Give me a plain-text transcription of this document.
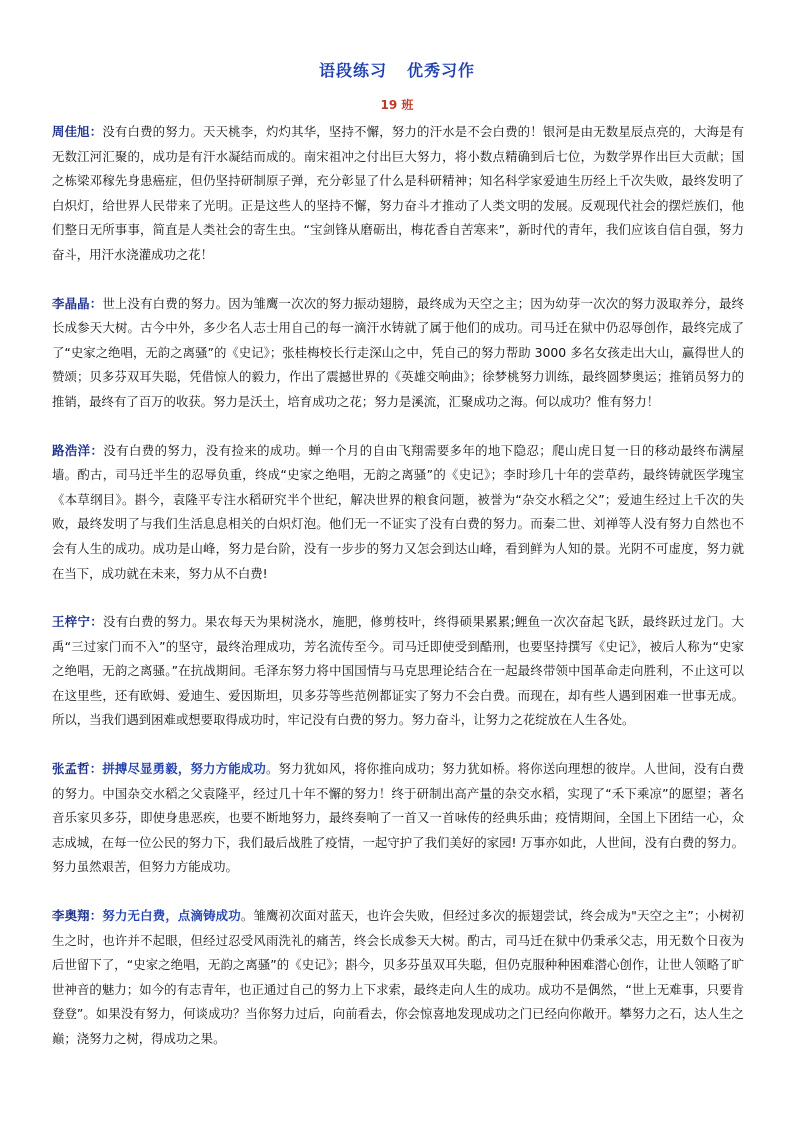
语段练习 优秀习作
19 班

周佳旭：没有白费的努力。天天桃李，灼灼其华，坚持不懈，努力的汗水是不会白费的！银河是由无数星辰点亮的，大海是有无数江河汇聚的，成功是有汗水凝结而成的。南宋祖冲之付出巨大努力，将小数点精确到后七位，为数学界作出巨大贡献；国之栋梁邓稼先身患癌症，但仍坚持研制原子弹，充分彰显了什么是科研精神；知名科学家爱迪生历经上千次失败，最终发明了白炽灯，给世界人民带来了光明。正是这些人的坚持不懈，努力奋斗才推动了人类文明的发展。反观现代社会的摆烂族们，他们整日无所事事，简直是人类社会的寄生虫。“宝剑锋从磨砺出，梅花香自苦寒来”，新时代的青年，我们应该自信自强，努力奋斗，用汗水浇灌成功之花！

李晶晶：世上没有白费的努力。因为雏鹰一次次的努力振动翅膀，最终成为天空之主；因为幼芽一次次的努力汲取养分，最终长成参天大树。古今中外，多少名人志士用自己的每一滴汗水铸就了属于他们的成功。司马迁在狱中仍忍辱创作，最终完成了了“史家之绝唱，无韵之离骚”的《史记》；张桂梅校长行走深山之中，凭自己的努力帮助 3000 多名女孩走出大山，赢得世人的赞颂；贝多芬双耳失聪，凭借惊人的毅力，作出了震撼世界的《英雄交响曲》；徐梦桃努力训练，最终圆梦奥运；推销员努力的推销，最终有了百万的收获。努力是沃土，培育成功之花；努力是溪流，汇聚成功之海。何以成功？惟有努力！

路浩洋：没有白费的努力，没有捡来的成功。蝉一个月的自由飞翔需要多年的地下隐忍；爬山虎日复一日的移动最终布满屋墙。酌古，司马迁半生的忍辱负重，终成“史家之绝唱，无韵之离骚”的《史记》；李时珍几十年的尝草药，最终铸就医学瑰宝《本草纲目》。斟今，袁隆平专注水稻研究半个世纪，解决世界的粮食问题，被誉为“杂交水稻之父”；爱迪生经过上千次的失败，最终发明了与我们生活息息相关的白炽灯泡。他们无一不证实了没有白费的努力。而秦二世、刘禅等人没有努力自然也不会有人生的成功。成功是山峰，努力是台阶，没有一步步的努力又怎会到达山峰，看到鲜为人知的景。光阴不可虚度，努力就在当下，成功就在未来，努力从不白费!

王梓宁：没有白费的努力。果农每天为果树浇水，施肥，修剪枝叶，终得硕果累累;鲤鱼一次次奋起飞跃，最终跃过龙门。大禹“三过家门而不入”的坚守，最终治理成功，芳名流传至今。司马迁即使受到酷刑，也要坚持撰写《史记》，被后人称为“史家之绝唱，无韵之离骚。”在抗战期间。毛泽东努力将中国国情与马克思理论结合在一起最终带领中国革命走向胜利，不止这可以在这里些，还有欧姆、爱迪生、爱因斯坦，贝多芬等些范例都证实了努力不会白费。而现在，却有些人遇到困难一世事无成。所以，当我们遇到困难或想要取得成功时，牢记没有白费的努力。努力奋斗，让努力之花绽放在人生各处。

张孟哲：拼搏尽显勇毅，努力方能成功。努力犹如风，将你推向成功；努力犹如桥。将你送向理想的彼岸。人世间，没有白费的努力。中国杂交水稻之父袁隆平，经过几十年不懈的努力！终于研制出高产量的杂交水稻，实现了“禾下乘凉”的愿望；著名音乐家贝多芬，即使身患恶疾，也要不断地努力，最终奏响了一首又一首咏传的经典乐曲；疫情期间，全国上下团结一心，众志成城，在每一位公民的努力下，我们最后战胜了疫情，一起守护了我们美好的家园! 万事亦如此，人世间，没有白费的努力。努力虽然艰苦，但努力方能成功。

李奥翔：努力无白费，点滴铸成功。雏鹰初次面对蓝天，也许会失败，但经过多次的振翅尝试，终会成为"天空之主”；小树初生之时，也许并不起眼，但经过忍受风雨洗礼的痛苦，终会长成参天大树。酌古，司马迁在狱中仍秉承父志，用无数个日夜为后世留下了，“史家之绝唱，无韵之离骚”的《史记》；斟今，贝多芬虽双耳失聪，但仍克服种种困难潜心创作，让世人领略了旷世神音的魅力；如今的有志青年，也正通过自己的努力上下求索，最终走向人生的成功。成功不是偶然，“世上无难事，只要肯登登”。如果没有努力，何谈成功？当你努力过后，向前看去，你会惊喜地发现成功之门已经向你敞开。攀努力之石，达人生之巅；浇努力之树，得成功之果。
